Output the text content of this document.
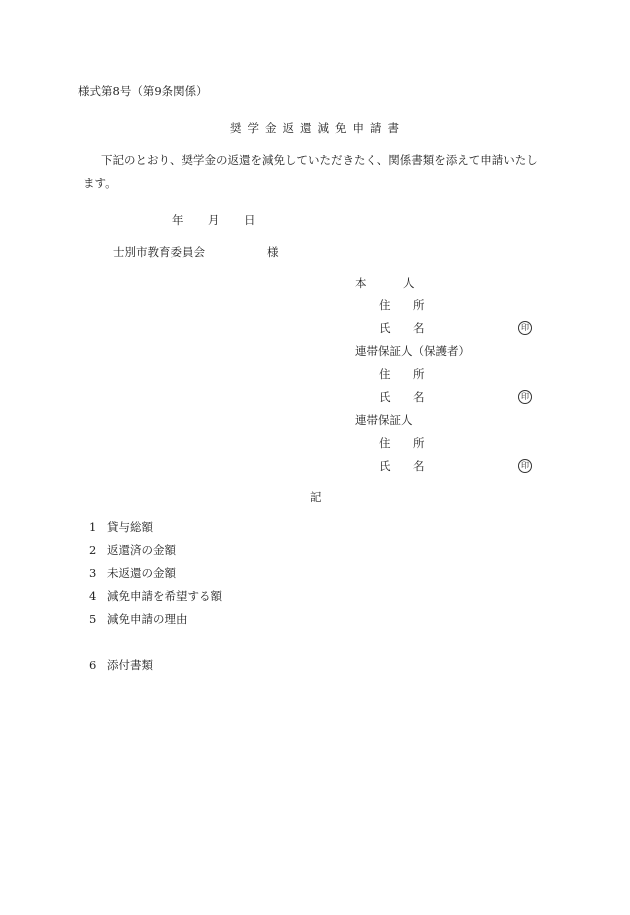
様式第8号（第9条関係）
奨学金返還減免申請書
下記のとおり、奨学金の返還を減免していただきたく、関係書類を添えて申請いたし
ます。
年 月 日
士別市教育委員会	様
本	人
住 所
氏 名	印
連帯保証人（保護者）
住 所
氏 名	印
連帯保証人
住 所
氏 名	印
記
1 貸与総額
2 返還済の金額
3 未返還の金額
4 減免申請を希望する額
5 減免申請の理由
6 添付書類
